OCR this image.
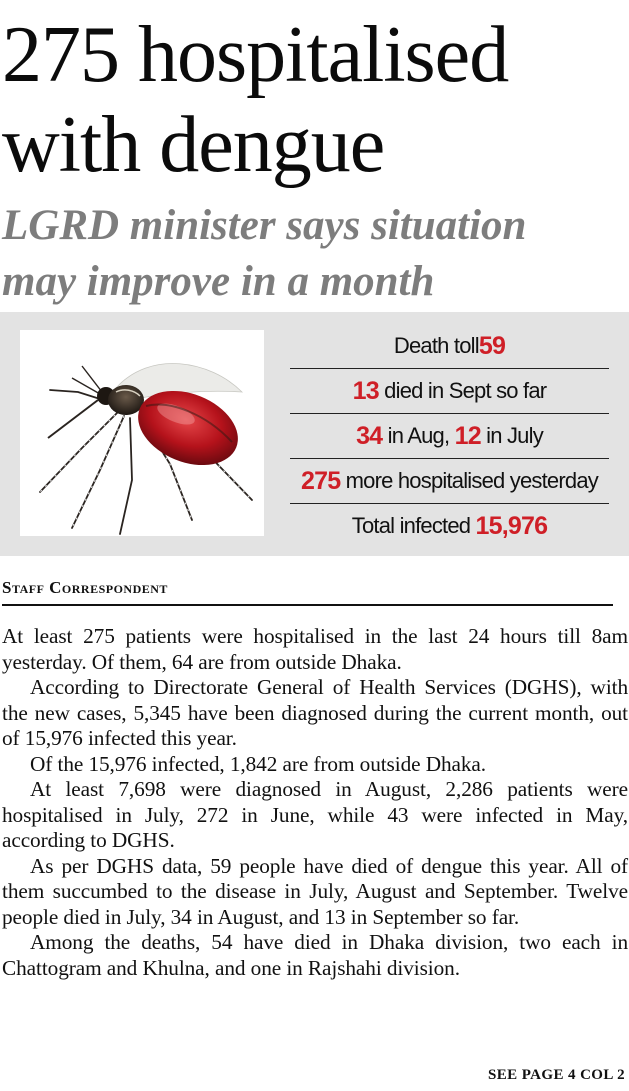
275 hospitalised
with dengue
LGRD minister says situation
may improve in a month
Death toll 59
13 died in Sept so far
34 in Aug, 12 in July
275 more hospitalised yesterday
Total infected 15,976
Staff Correspondent

At least 275 patients were hospitalised in the last 24 hours till 8am yesterday. Of them, 64 are from outside Dhaka.

According to Directorate General of Health Services (DGHS), with the new cases, 5,345 have been diagnosed during the current month, out of 15,976 infected this year.

Of the 15,976 infected, 1,842 are from outside Dhaka.

At least 7,698 were diagnosed in August, 2,286 patients were hospitalised in July, 272 in June, while 43 were infected in May, according to DGHS.

As per DGHS data, 59 people have died of dengue this year. All of them succumbed to the disease in July, August and September. Twelve people died in July, 34 in August, and 13 in September so far.

Among the deaths, 54 have died in Dhaka division, two each in Chattogram and Khulna, and one in Rajshahi division.

SEE PAGE 4 COL 2
